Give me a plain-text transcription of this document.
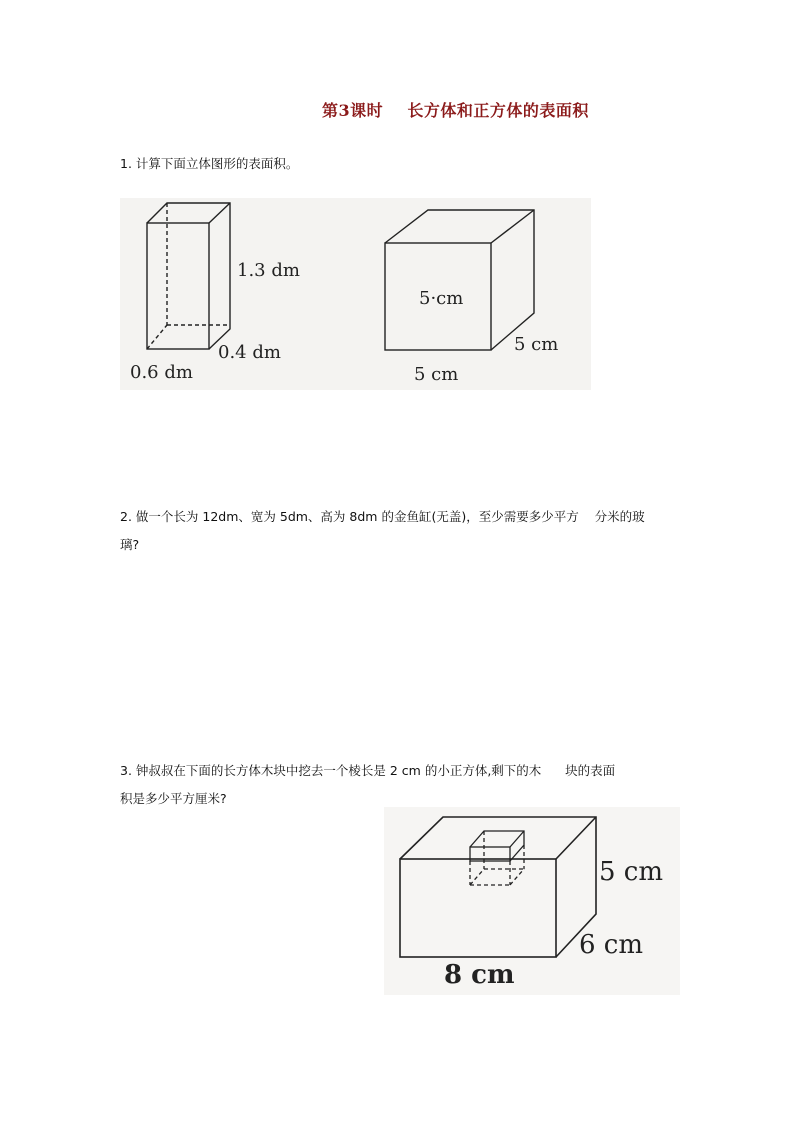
第3课时    长方体和正方体的表面积
1. 计算下面立体图形的表面积。
1.3 dm
0.4 dm
0.6 dm
5·cm
5 cm
5 cm
2. 做一个长为 12dm、宽为 5dm、高为 8dm 的金鱼缸(无盖)，至少需要多少平方    分米的玻
璃?
3. 钟叔叔在下面的长方体木块中挖去一个棱长是 2 cm 的小正方体,剩下的木      块的表面
积是多少平方厘米?
5 cm
6 cm
8 cm
